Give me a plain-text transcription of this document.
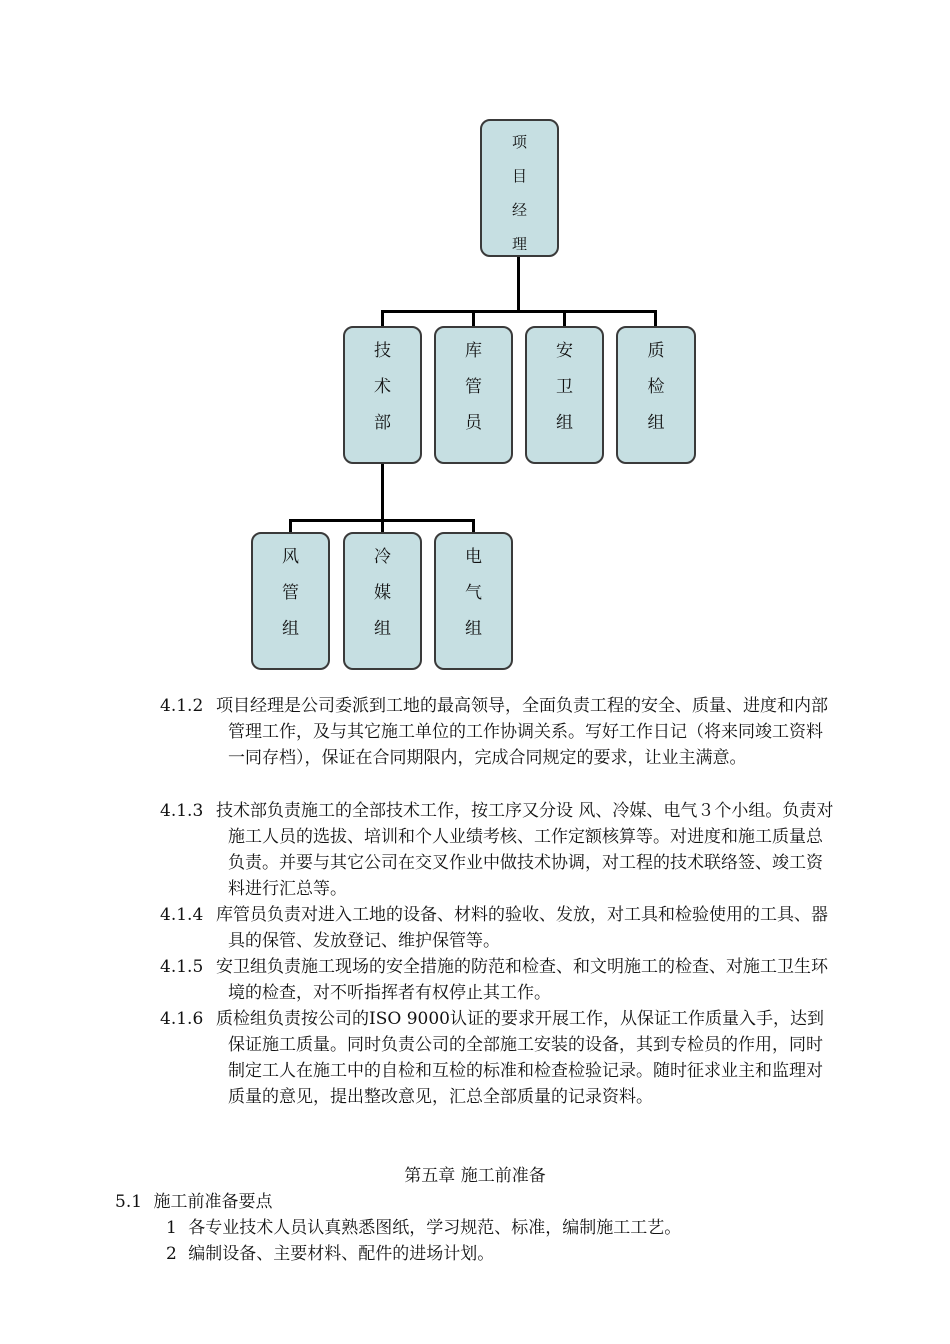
项
目
经
理
技
术
部
库
管
员
安
卫
组
质
检
组
风
管
组
冷
媒
组
电
气
组
4.1.2 项目经理是公司委派到工地的最高领导，全面负责工程的安全、质量、进度和内部管理工作，及与其它施工单位的工作协调关系。写好工作日记（将来同竣工资料一同存档），保证在合同期限内，完成合同规定的要求，让业主满意。
4.1.3 技术部负责施工的全部技术工作，按工序又分设 风、冷媒、电气３个小组。负责对施工人员的选拔、培训和个人业绩考核、工作定额核算等。对进度和施工质量总负责。并要与其它公司在交叉作业中做技术协调，对工程的技术联络签、竣工资料进行汇总等。
4.1.4 库管员负责对进入工地的设备、材料的验收、发放，对工具和检验使用的工具、器具的保管、发放登记、维护保管等。
4.1.5 安卫组负责施工现场的安全措施的防范和检查、和文明施工的检查、对施工卫生环境的检查，对不听指挥者有权停止其工作。
4.1.6 质检组负责按公司的ISO 9000认证的要求开展工作，从保证工作质量入手，达到保证施工质量。同时负责公司的全部施工安装的设备，其到专检员的作用，同时制定工人在施工中的自检和互检的标准和检查检验记录。随时征求业主和监理对质量的意见，提出整改意见，汇总全部质量的记录资料。
第五章 施工前准备
5.1 施工前准备要点
1 各专业技术人员认真熟悉图纸，学习规范、标准，编制施工工艺。
2 编制设备、主要材料、配件的进场计划。
